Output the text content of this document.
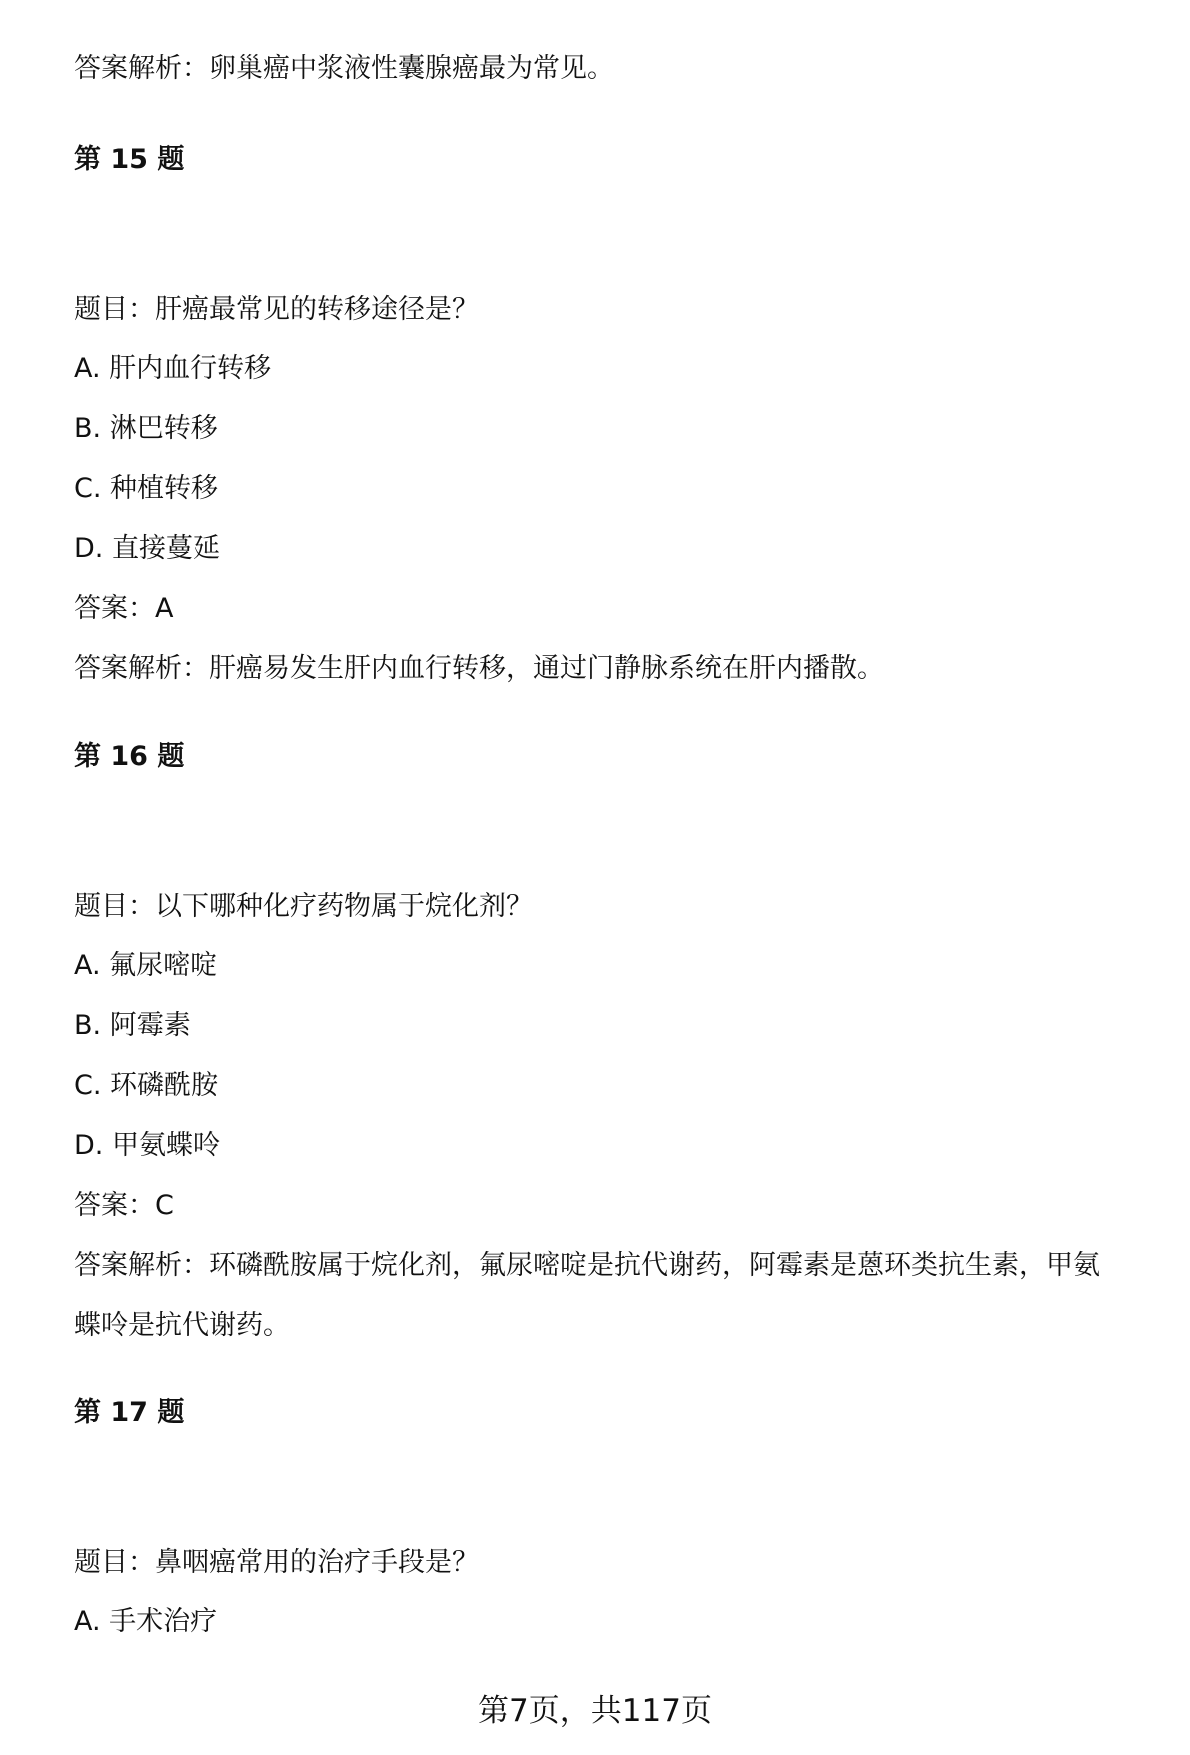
答案解析：卵巢癌中浆液性囊腺癌最为常见。
第 15 题
题目：肝癌最常见的转移途径是？
A. 肝内血行转移
B. 淋巴转移
C. 种植转移
D. 直接蔓延
答案：A
答案解析：肝癌易发生肝内血行转移，通过门静脉系统在肝内播散。
第 16 题
题目：以下哪种化疗药物属于烷化剂？
A. 氟尿嘧啶
B. 阿霉素
C. 环磷酰胺
D. 甲氨蝶呤
答案：C
答案解析：环磷酰胺属于烷化剂，氟尿嘧啶是抗代谢药，阿霉素是蒽环类抗生素，甲氨蝶呤是抗代谢药。
第 17 题
题目：鼻咽癌常用的治疗手段是？
A. 手术治疗
第7页，共117页
